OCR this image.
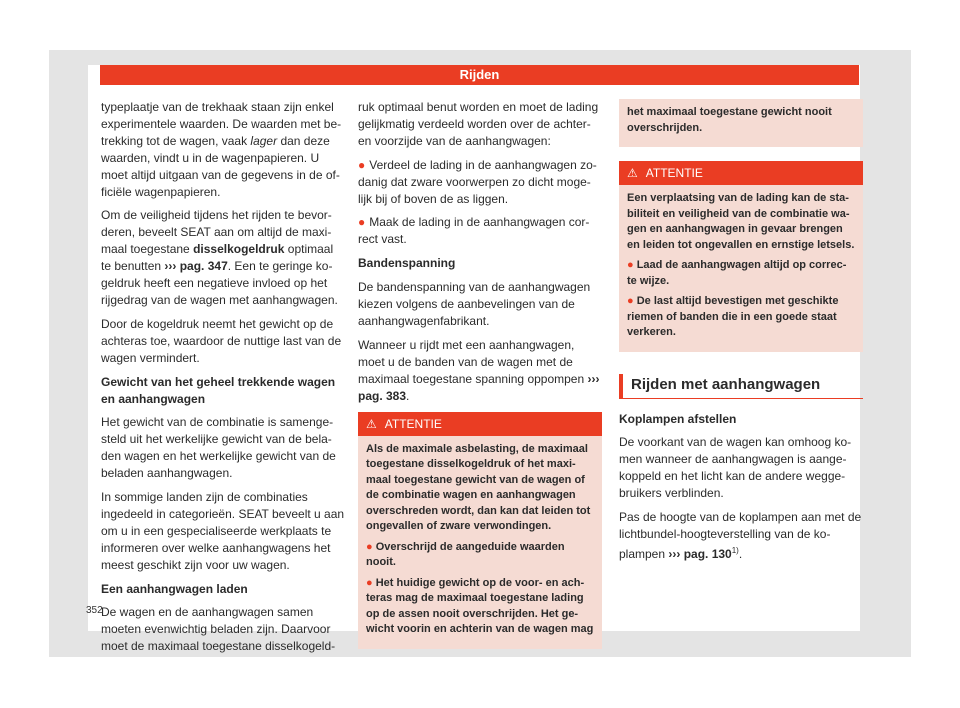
Rijden

typeplaatje van de trekhaak staan zijn enkel experimentele waarden. De waarden met be-trekking tot de wagen, vaak lager dan deze waarden, vindt u in de wagenpapieren. U moet altijd uitgaan van de gegevens in de of-ficiële wagenpapieren.

Om de veiligheid tijdens het rijden te bevor-deren, beveelt SEAT aan om altijd de maxi-maal toegestane disselkogeldruk optimaal te benutten ››› pag. 347. Een te geringe ko-geldruk heeft een negatieve invloed op het rijgedrag van de wagen met aanhangwagen.

Door de kogeldruk neemt het gewicht op de achteras toe, waardoor de nuttige last van de wagen vermindert.

Gewicht van het geheel trekkende wagen en aanhangwagen

Het gewicht van de combinatie is samenge-steld uit het werkelijke gewicht van de bela-den wagen en het werkelijke gewicht van de beladen aanhangwagen.

In sommige landen zijn de combinaties ingedeeld in categorieën. SEAT beveelt u aan om u in een gespecialiseerde werkplaats te informeren over welke aanhangwagens het meest geschikt zijn voor uw wagen.

Een aanhangwagen laden

De wagen en de aanhangwagen samen moeten evenwichtig beladen zijn. Daarvoor moet de maximaal toegestane disselkogeld-

ruk optimaal benut worden en moet de lading gelijkmatig verdeeld worden over de achter- en voorzijde van de aanhangwagen:

● Verdeel de lading in de aanhangwagen zo-danig dat zware voorwerpen zo dicht moge-lijk bij of boven de as liggen.

● Maak de lading in de aanhangwagen cor-rect vast.

Bandenspanning

De bandenspanning van de aanhangwagen kiezen volgens de aanbevelingen van de aanhangwagenfabrikant.

Wanneer u rijdt met een aanhangwagen, moet u de banden van de wagen met de maximaal toegestane spanning oppompen ››› pag. 383.

⚠ ATTENTIE

Als de maximale asbelasting, de maximaal toegestane disselkogeldruk of het maxi-maal toegestane gewicht van de wagen of de combinatie wagen en aanhangwagen overschreden wordt, dan kan dat leiden tot ongevallen of zware verwondingen.

● Overschrijd de aangeduide waarden nooit.

● Het huidige gewicht op de voor- en ach-teras mag de maximaal toegestane lading op de assen nooit overschrijden. Het ge-wicht voorin en achterin van de wagen mag

het maximaal toegestane gewicht nooit overschrijden.

⚠ ATTENTIE

Een verplaatsing van de lading kan de sta-biliteit en veiligheid van de combinatie wa-gen en aanhangwagen in gevaar brengen en leiden tot ongevallen en ernstige letsels.

● Laad de aanhangwagen altijd op correc-te wijze.

● De last altijd bevestigen met geschikte riemen of banden die in een goede staat verkeren.

Rijden met aanhangwagen

Koplampen afstellen

De voorkant van de wagen kan omhoog ko-men wanneer de aanhangwagen is aange-koppeld en het licht kan de andere wegge-bruikers verblinden.

Pas de hoogte van de koplampen aan met de lichtbundel-hoogteverstelling van de ko-plampen ››› pag. 130$^{1)}$.

352
